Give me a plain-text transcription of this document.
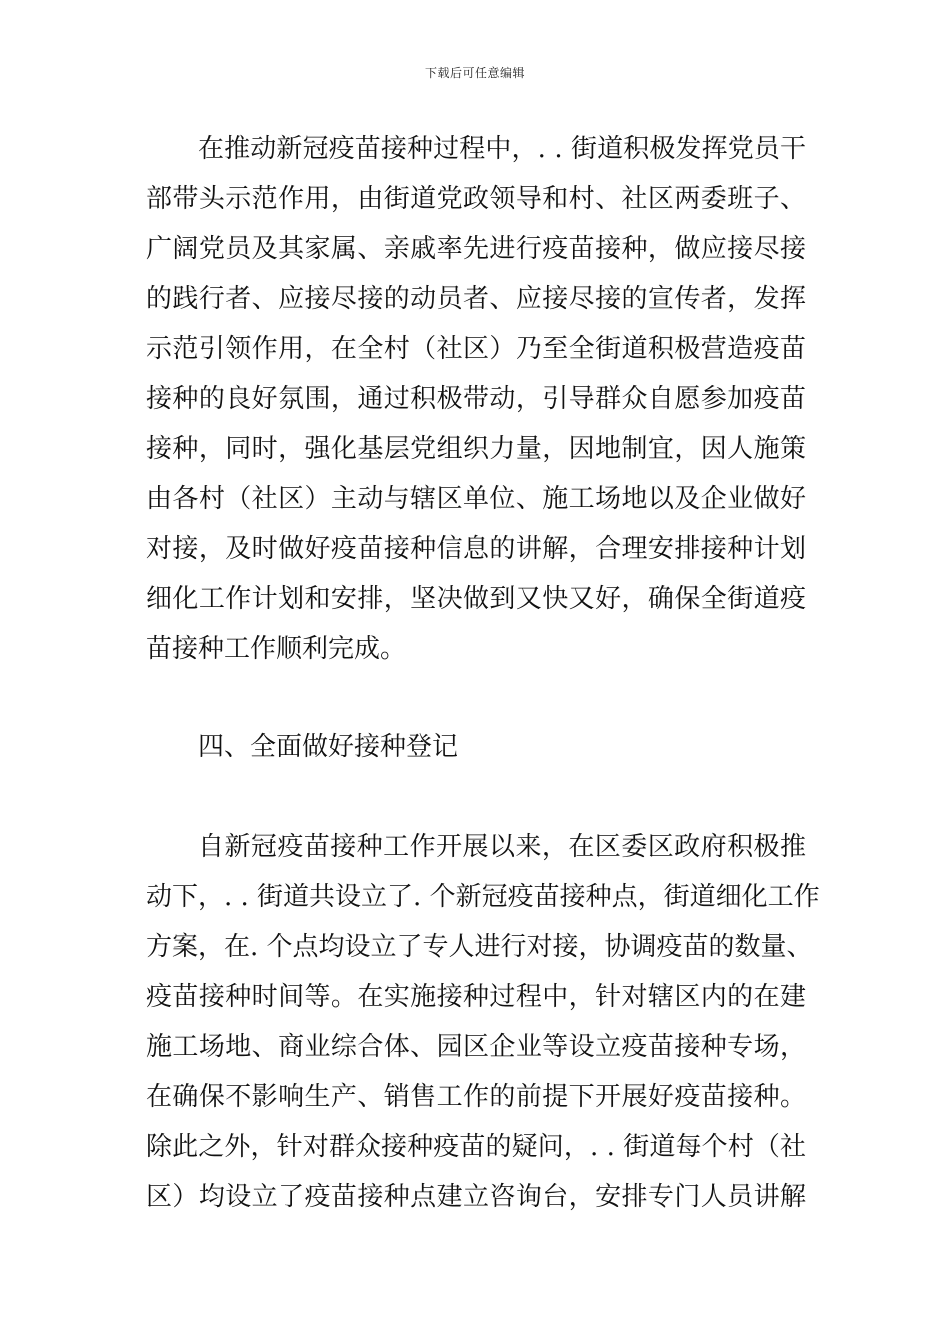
下载后可任意编辑
在推动新冠疫苗接种过程中，. . 街道积极发挥党员干
部带头示范作用，由街道党政领导和村、社区两委班子、
广阔党员及其家属、亲戚率先进行疫苗接种，做应接尽接
的践行者、应接尽接的动员者、应接尽接的宣传者，发挥
示范引领作用，在全村（社区）乃至全街道积极营造疫苗
接种的良好氛围，通过积极带动，引导群众自愿参加疫苗
接种，同时，强化基层党组织力量，因地制宜，因人施策
由各村（社区）主动与辖区单位、施工场地以及企业做好
对接，及时做好疫苗接种信息的讲解，合理安排接种计划
细化工作计划和安排，坚决做到又快又好，确保全街道疫
苗接种工作顺利完成。
四、全面做好接种登记
自新冠疫苗接种工作开展以来，在区委区政府积极推
动下，. . 街道共设立了. 个新冠疫苗接种点，街道细化工作
方案，在. 个点均设立了专人进行对接，协调疫苗的数量、
疫苗接种时间等。在实施接种过程中，针对辖区内的在建
施工场地、商业综合体、园区企业等设立疫苗接种专场，
在确保不影响生产、销售工作的前提下开展好疫苗接种。
除此之外，针对群众接种疫苗的疑问，. . 街道每个村（社
区）均设立了疫苗接种点建立咨询台，安排专门人员讲解
